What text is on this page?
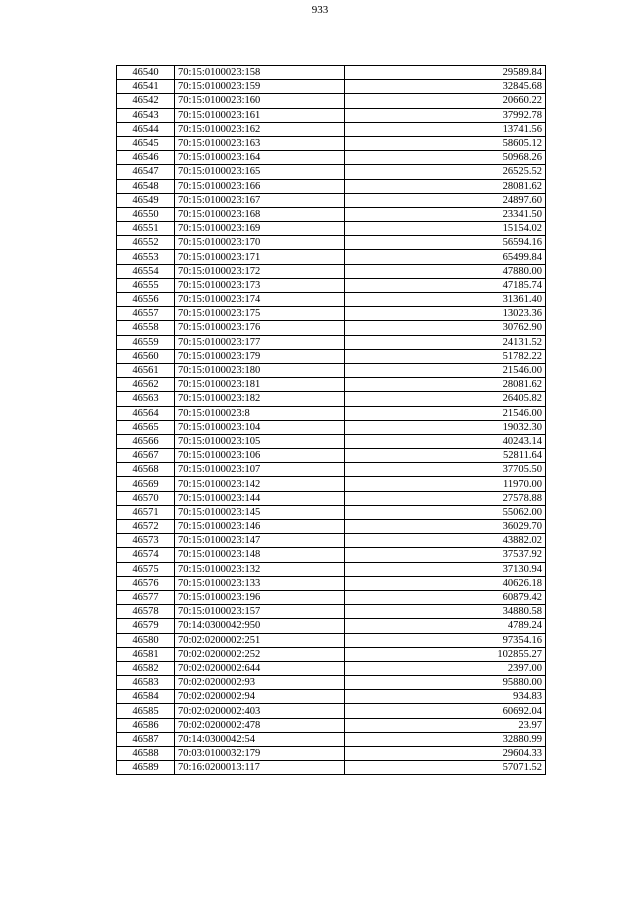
933
46540	70:15:0100023:158	29589.84
46541	70:15:0100023:159	32845.68
46542	70:15:0100023:160	20660.22
46543	70:15:0100023:161	37992.78
46544	70:15:0100023:162	13741.56
46545	70:15:0100023:163	58605.12
46546	70:15:0100023:164	50968.26
46547	70:15:0100023:165	26525.52
46548	70:15:0100023:166	28081.62
46549	70:15:0100023:167	24897.60
46550	70:15:0100023:168	23341.50
46551	70:15:0100023:169	15154.02
46552	70:15:0100023:170	56594.16
46553	70:15:0100023:171	65499.84
46554	70:15:0100023:172	47880.00
46555	70:15:0100023:173	47185.74
46556	70:15:0100023:174	31361.40
46557	70:15:0100023:175	13023.36
46558	70:15:0100023:176	30762.90
46559	70:15:0100023:177	24131.52
46560	70:15:0100023:179	51782.22
46561	70:15:0100023:180	21546.00
46562	70:15:0100023:181	28081.62
46563	70:15:0100023:182	26405.82
46564	70:15:0100023:8	21546.00
46565	70:15:0100023:104	19032.30
46566	70:15:0100023:105	40243.14
46567	70:15:0100023:106	52811.64
46568	70:15:0100023:107	37705.50
46569	70:15:0100023:142	11970.00
46570	70:15:0100023:144	27578.88
46571	70:15:0100023:145	55062.00
46572	70:15:0100023:146	36029.70
46573	70:15:0100023:147	43882.02
46574	70:15:0100023:148	37537.92
46575	70:15:0100023:132	37130.94
46576	70:15:0100023:133	40626.18
46577	70:15:0100023:196	60879.42
46578	70:15:0100023:157	34880.58
46579	70:14:0300042:950	4789.24
46580	70:02:0200002:251	97354.16
46581	70:02:0200002:252	102855.27
46582	70:02:0200002:644	2397.00
46583	70:02:0200002:93	95880.00
46584	70:02:0200002:94	934.83
46585	70:02:0200002:403	60692.04
46586	70:02:0200002:478	23.97
46587	70:14:0300042:54	32880.99
46588	70:03:0100032:179	29604.33
46589	70:16:0200013:117	57071.52
